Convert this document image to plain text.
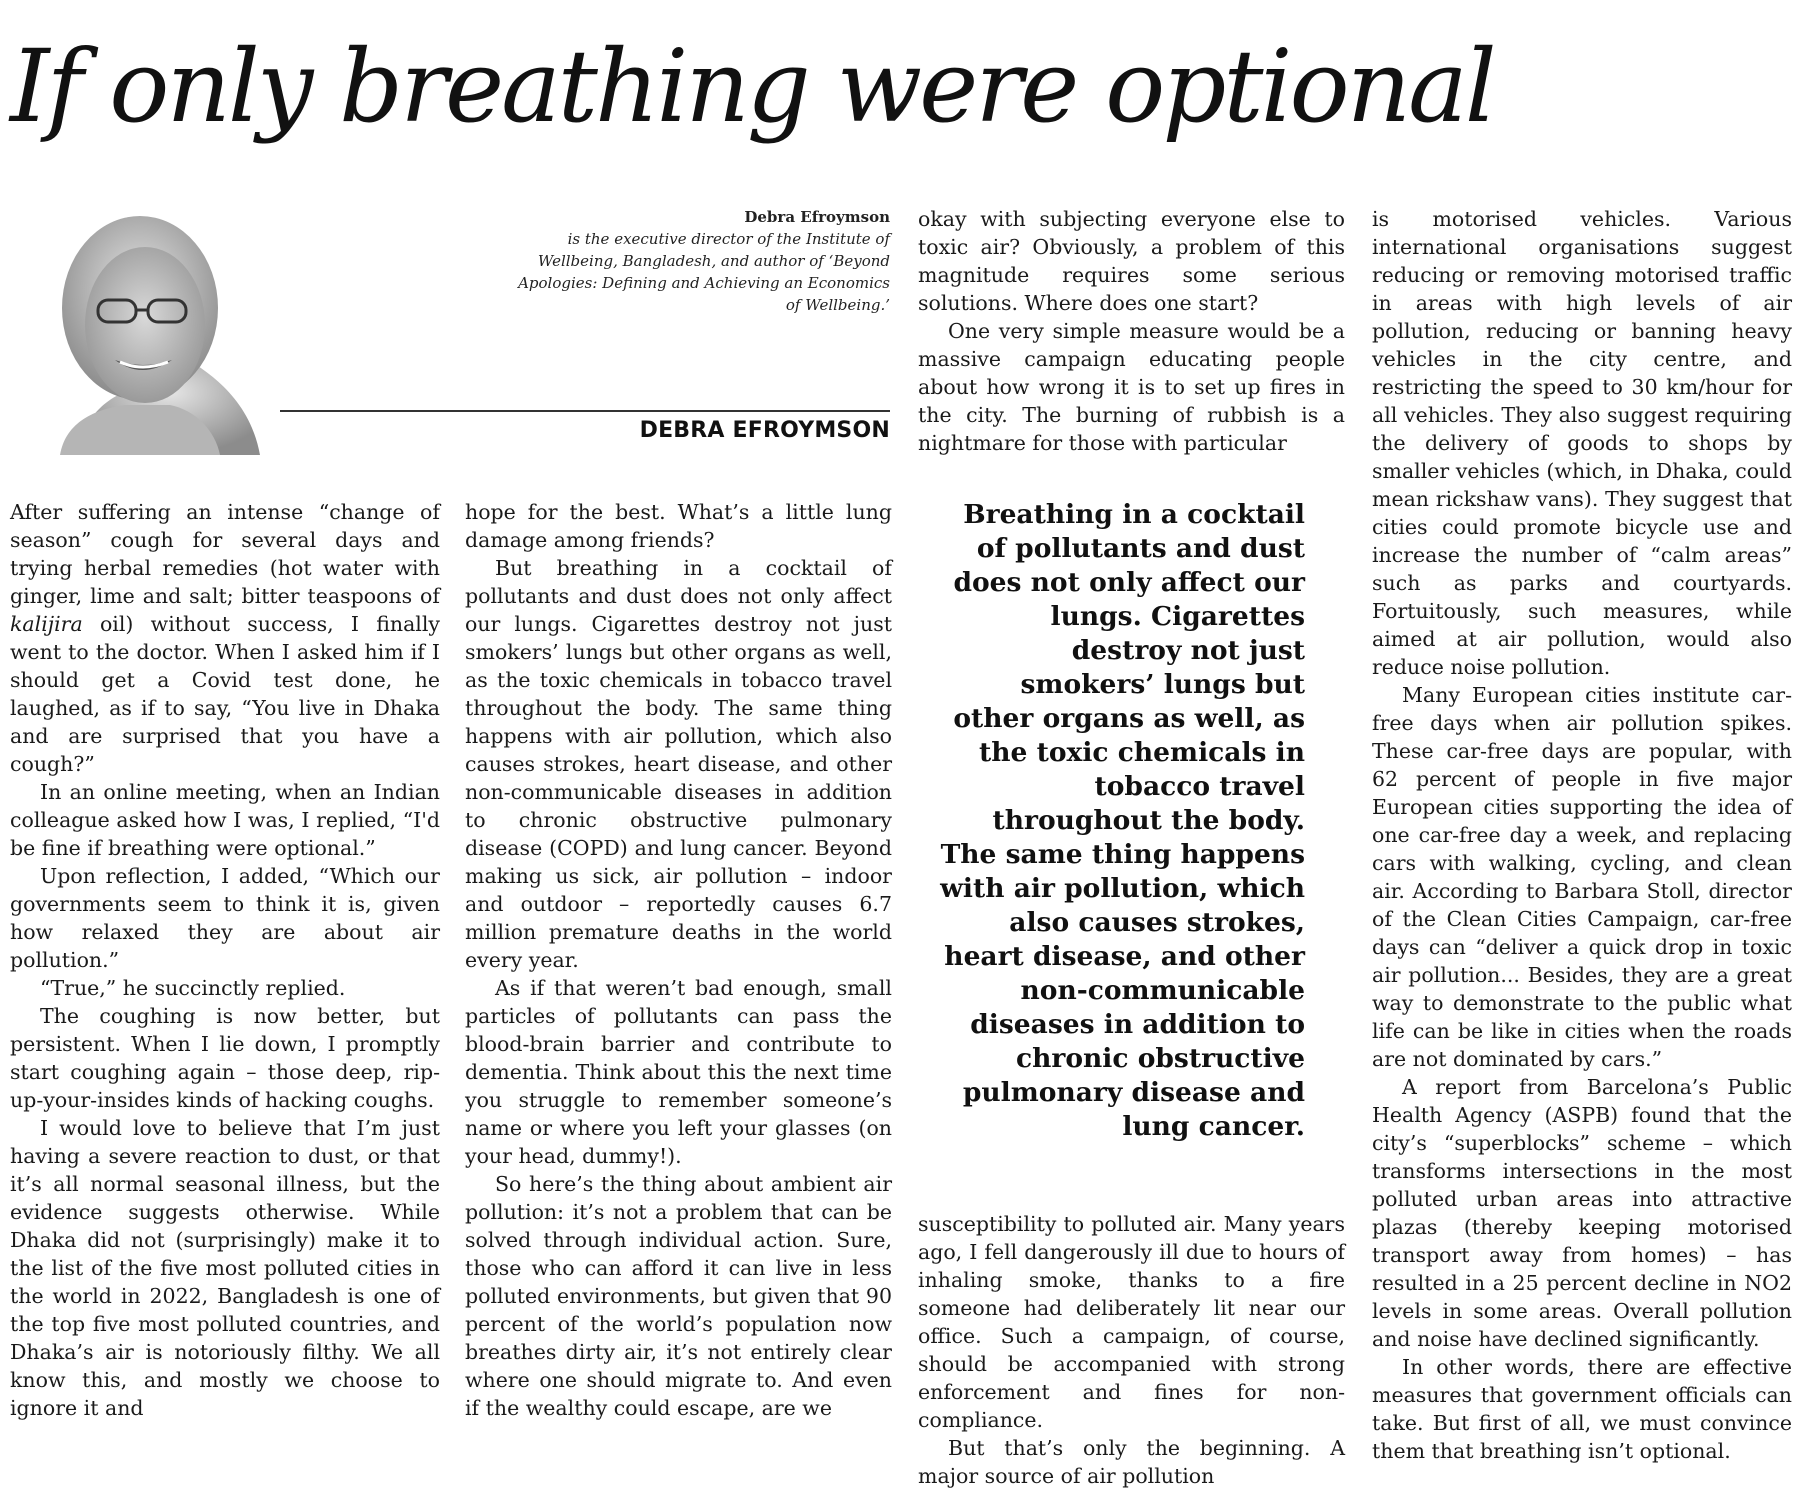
If only breathing were optional
Debra Efroymson
is the executive director of the Institute of Wellbeing, Bangladesh, and author of ‘Beyond Apologies: Defining and Achieving an Economics of Wellbeing.’
DEBRA EFROYMSON

After suffering an intense “change of season” cough for several days and trying herbal remedies (hot water with ginger, lime and salt; bitter teaspoons of kalijira oil) without success, I finally went to the doctor. When I asked him if I should get a Covid test done, he laughed, as if to say, “You live in Dhaka and are surprised that you have a cough?”

In an online meeting, when an Indian colleague asked how I was, I replied, “I'd be fine if breathing were optional.”

Upon reflection, I added, “Which our governments seem to think it is, given how relaxed they are about air pollution.”

“True,” he succinctly replied.

The coughing is now better, but persistent. When I lie down, I promptly start coughing again – those deep, rip-up-your-insides kinds of hacking coughs.

I would love to believe that I’m just having a severe reaction to dust, or that it’s all normal seasonal illness, but the evidence suggests otherwise. While Dhaka did not (surprisingly) make it to the list of the five most polluted cities in the world in 2022, Bangladesh is one of the top five most polluted countries, and Dhaka’s air is notoriously filthy. We all know this, and mostly we choose to ignore it and

hope for the best. What’s a little lung damage among friends?

But breathing in a cocktail of pollutants and dust does not only affect our lungs. Cigarettes destroy not just smokers’ lungs but other organs as well, as the toxic chemicals in tobacco travel throughout the body. The same thing happens with air pollution, which also causes strokes, heart disease, and other non-communicable diseases in addition to chronic obstructive pulmonary disease (COPD) and lung cancer. Beyond making us sick, air pollution – indoor and outdoor – reportedly causes 6.7 million premature deaths in the world every year.

As if that weren’t bad enough, small particles of pollutants can pass the blood-brain barrier and contribute to dementia. Think about this the next time you struggle to remember someone’s name or where you left your glasses (on your head, dummy!).

So here’s the thing about ambient air pollution: it’s not a problem that can be solved through individual action. Sure, those who can afford it can live in less polluted environments, but given that 90 percent of the world’s population now breathes dirty air, it’s not entirely clear where one should migrate to. And even if the wealthy could escape, are we

okay with subjecting everyone else to toxic air? Obviously, a problem of this magnitude requires some serious solutions. Where does one start?

One very simple measure would be a massive campaign educating people about how wrong it is to set up fires in the city. The burning of rubbish is a nightmare for those with particular

Breathing in a cocktail of pollutants and dust does not only affect our lungs. Cigarettes destroy not just smokers’ lungs but other organs as well, as the toxic chemicals in tobacco travel throughout the body. The same thing happens with air pollution, which also causes strokes, heart disease, and other non-communicable diseases in addition to chronic obstructive pulmonary disease and lung cancer.

susceptibility to polluted air. Many years ago, I fell dangerously ill due to hours of inhaling smoke, thanks to a fire someone had deliberately lit near our office. Such a campaign, of course, should be accompanied with strong enforcement and fines for non-compliance.

But that’s only the beginning. A major source of air pollution

is motorised vehicles. Various international organisations suggest reducing or removing motorised traffic in areas with high levels of air pollution, reducing or banning heavy vehicles in the city centre, and restricting the speed to 30 km/hour for all vehicles. They also suggest requiring the delivery of goods to shops by smaller vehicles (which, in Dhaka, could mean rickshaw vans). They suggest that cities could promote bicycle use and increase the number of “calm areas” such as parks and courtyards. Fortuitously, such measures, while aimed at air pollution, would also reduce noise pollution.

Many European cities institute car-free days when air pollution spikes. These car-free days are popular, with 62 percent of people in five major European cities supporting the idea of one car-free day a week, and replacing cars with walking, cycling, and clean air. According to Barbara Stoll, director of the Clean Cities Campaign, car-free days can “deliver a quick drop in toxic air pollution... Besides, they are a great way to demonstrate to the public what life can be like in cities when the roads are not dominated by cars.”

A report from Barcelona’s Public Health Agency (ASPB) found that the city’s “superblocks” scheme – which transforms intersections in the most polluted urban areas into attractive plazas (thereby keeping motorised transport away from homes) – has resulted in a 25 percent decline in NO2 levels in some areas. Overall pollution and noise have declined significantly.

In other words, there are effective measures that government officials can take. But first of all, we must convince them that breathing isn’t optional.
